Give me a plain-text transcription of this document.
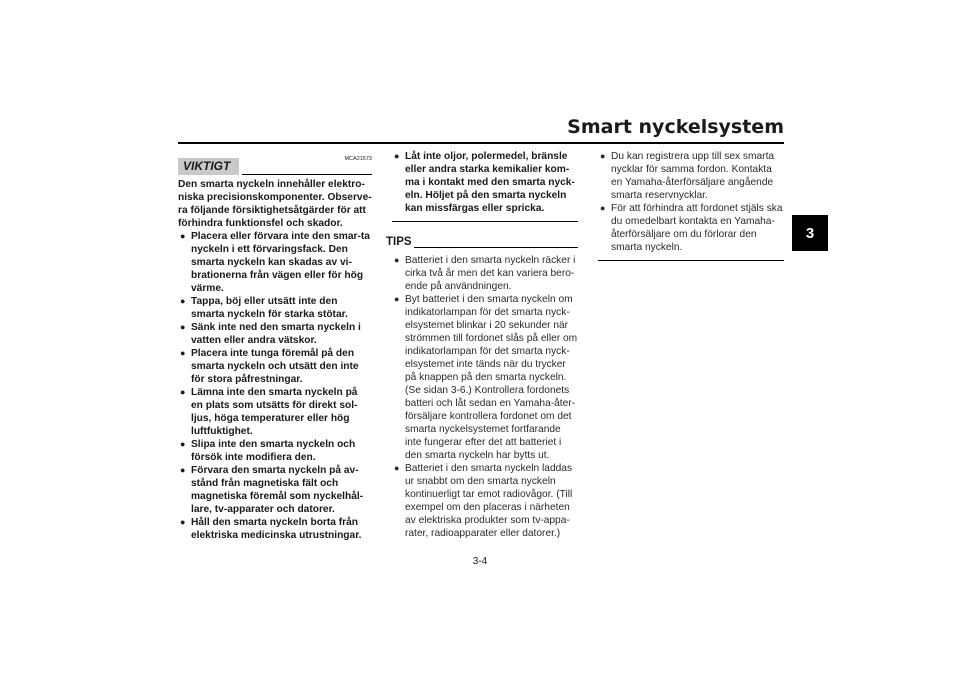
Smart nyckelsystem
3
VIKTIGT	MCA21573

Den smarta nyckeln innehåller elektro-niska precisionskomponenter. Observe-ra följande försiktighetsåtgärder för att förhindra funktionsfel och skador.

● Placera eller förvara inte den smar-ta nyckeln i ett förvaringsfack. Den smarta nyckeln kan skadas av vi-brationerna från vägen eller för hög värme.

● Tappa, böj eller utsätt inte den smarta nyckeln för starka stötar.

● Sänk inte ned den smarta nyckeln i vatten eller andra vätskor.

● Placera inte tunga föremål på den smarta nyckeln och utsätt den inte för stora påfrestningar.

● Lämna inte den smarta nyckeln på en plats som utsätts för direkt sol-ljus, höga temperaturer eller hög luftfuktighet.

● Slipa inte den smarta nyckeln och försök inte modifiera den.

● Förvara den smarta nyckeln på av-stånd från magnetiska fält och magnetiska föremål som nyckelhål-lare, tv-apparater och datorer.

● Håll den smarta nyckeln borta från elektriska medicinska utrustningar.

● Låt inte oljor, polermedel, bränsle eller andra starka kemikalier kom-ma i kontakt med den smarta nyck-eln. Höljet på den smarta nyckeln kan missfärgas eller spricka.

TIPS

● Batteriet i den smarta nyckeln räcker i cirka två år men det kan variera bero-ende på användningen.

● Byt batteriet i den smarta nyckeln om indikatorlampan för det smarta nyck-elsystemet blinkar i 20 sekunder när strömmen till fordonet slås på eller om indikatorlampan för det smarta nyck-elsystemet inte tänds när du trycker på knappen på den smarta nyckeln. (Se sidan 3-6.) Kontrollera fordonets batteri och låt sedan en Yamaha-åter-försäljare kontrollera fordonet om det smarta nyckelsystemet fortfarande inte fungerar efter det att batteriet i den smarta nyckeln har bytts ut.

● Batteriet i den smarta nyckeln laddas ur snabbt om den smarta nyckeln kontinuerligt tar emot radiovågor. (Till exempel om den placeras i närheten av elektriska produkter som tv-appa-rater, radioapparater eller datorer.)

● Du kan registrera upp till sex smarta nycklar för samma fordon. Kontakta en Yamaha-återförsäljare angående smarta reservnycklar.

● För att förhindra att fordonet stjäls ska du omedelbart kontakta en Yamaha-återförsäljare om du förlorar den smarta nyckeln.

3-4
